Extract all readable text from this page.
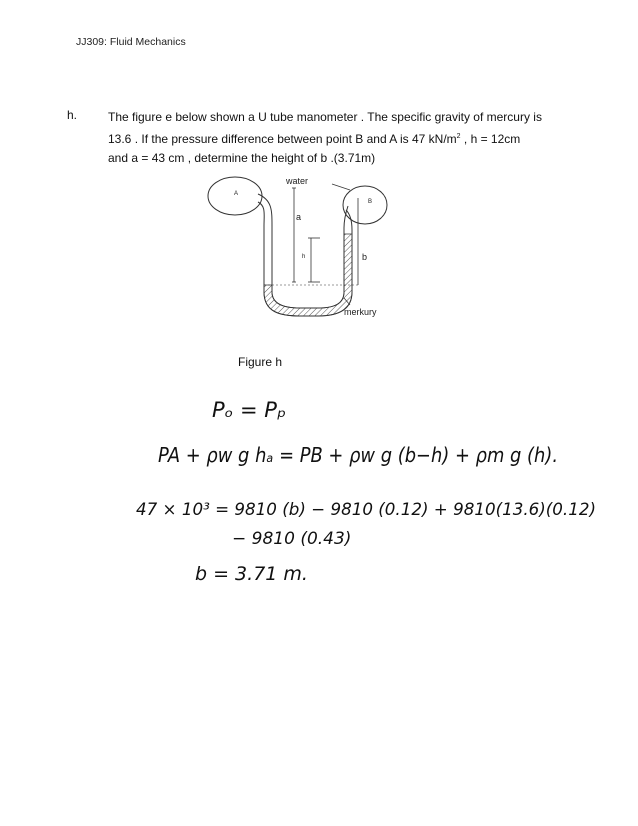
JJ309: Fluid Mechanics
h.	The figure e below shown a U tube manometer . The specific gravity of mercury is
13.6 . If the pressure difference between point B and A is 47 $kN/m^2$ , h = 12cm
and a = 43 cm , determine the height of b .(3.71m)
water
a
b
merkury
A
B
h
Figure h
Pₒ = Pₚ
PA + ρw g hₐ = PB + ρw g (b−h) + ρm g (h).
47 × 10³ = 9810 (b) − 9810 (0.12) + 9810(13.6)(0.12)
− 9810 (0.43)
b = 3.71 m.
